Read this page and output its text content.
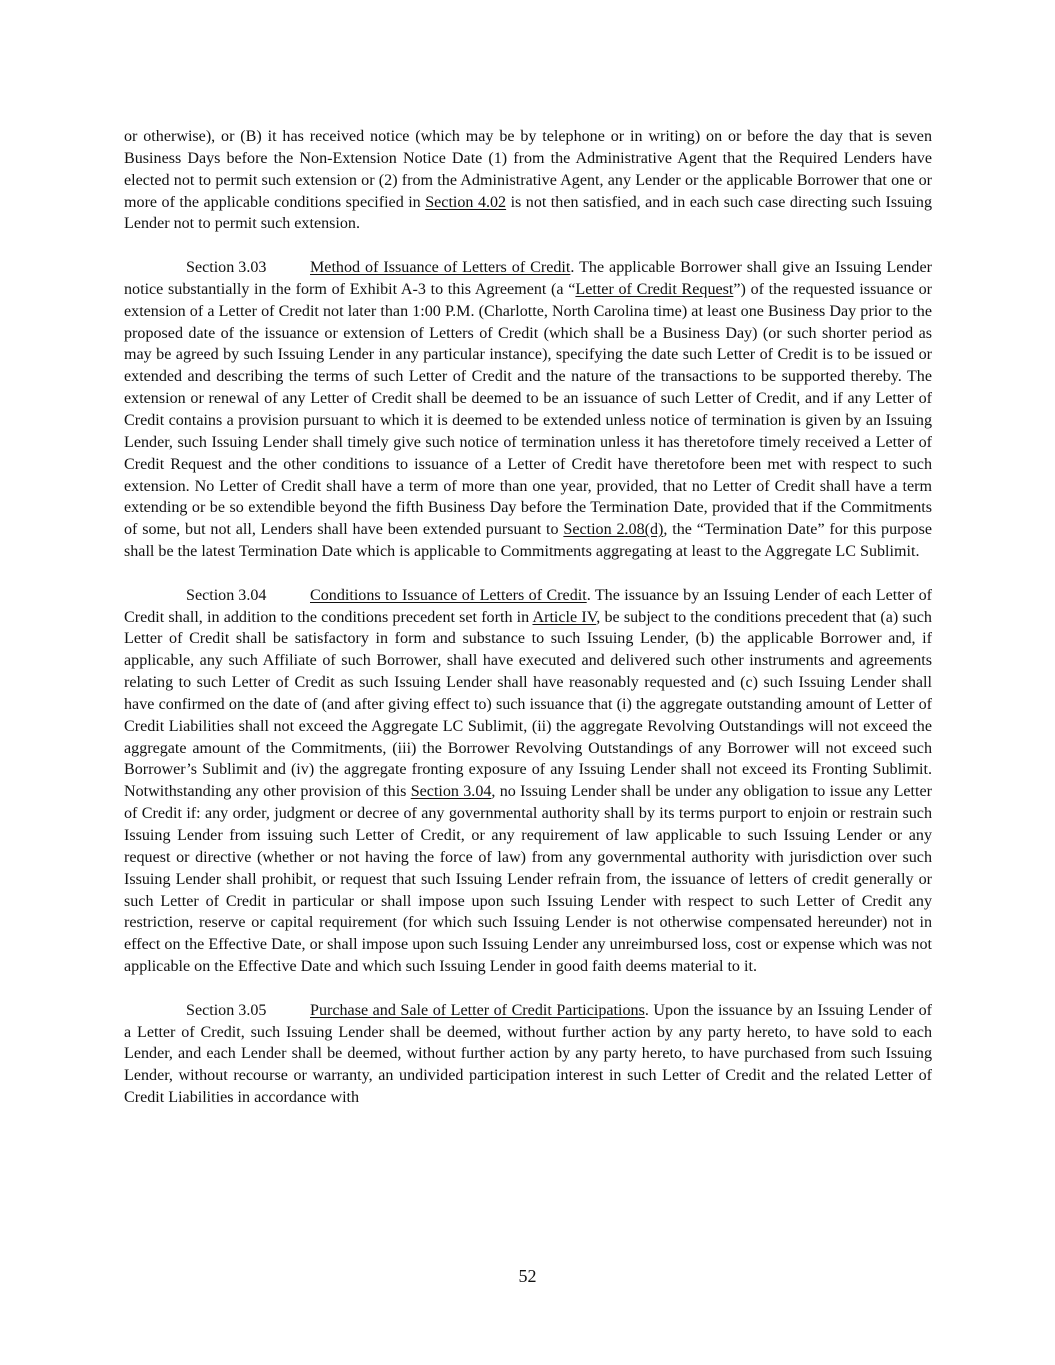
or otherwise), or (B) it has received notice (which may be by telephone or in writing) on or before the day that is seven Business Days before the Non-Extension Notice Date (1) from the Administrative Agent that the Required Lenders have elected not to permit such extension or (2) from the Administrative Agent, any Lender or the applicable Borrower that one or more of the applicable conditions specified in Section 4.02 is not then satisfied, and in each such case directing such Issuing Lender not to permit such extension.

Section 3.03	Method of Issuance of Letters of Credit. The applicable Borrower shall give an Issuing Lender notice substantially in the form of Exhibit A-3 to this Agreement (a “Letter of Credit Request”) of the requested issuance or extension of a Letter of Credit not later than 1:00 P.M. (Charlotte, North Carolina time) at least one Business Day prior to the proposed date of the issuance or extension of Letters of Credit (which shall be a Business Day) (or such shorter period as may be agreed by such Issuing Lender in any particular instance), specifying the date such Letter of Credit is to be issued or extended and describing the terms of such Letter of Credit and the nature of the transactions to be supported thereby. The extension or renewal of any Letter of Credit shall be deemed to be an issuance of such Letter of Credit, and if any Letter of Credit contains a provision pursuant to which it is deemed to be extended unless notice of termination is given by an Issuing Lender, such Issuing Lender shall timely give such notice of termination unless it has theretofore timely received a Letter of Credit Request and the other conditions to issuance of a Letter of Credit have theretofore been met with respect to such extension. No Letter of Credit shall have a term of more than one year, provided, that no Letter of Credit shall have a term extending or be so extendible beyond the fifth Business Day before the Termination Date, provided that if the Commitments of some, but not all, Lenders shall have been extended pursuant to Section 2.08(d), the “Termination Date” for this purpose shall be the latest Termination Date which is applicable to Commitments aggregating at least to the Aggregate LC Sublimit.

Section 3.04	Conditions to Issuance of Letters of Credit. The issuance by an Issuing Lender of each Letter of Credit shall, in addition to the conditions precedent set forth in Article IV, be subject to the conditions precedent that (a) such Letter of Credit shall be satisfactory in form and substance to such Issuing Lender, (b) the applicable Borrower and, if applicable, any such Affiliate of such Borrower, shall have executed and delivered such other instruments and agreements relating to such Letter of Credit as such Issuing Lender shall have reasonably requested and (c) such Issuing Lender shall have confirmed on the date of (and after giving effect to) such issuance that (i) the aggregate outstanding amount of Letter of Credit Liabilities shall not exceed the Aggregate LC Sublimit, (ii) the aggregate Revolving Outstandings will not exceed the aggregate amount of the Commitments, (iii) the Borrower Revolving Outstandings of any Borrower will not exceed such Borrower’s Sublimit and (iv) the aggregate fronting exposure of any Issuing Lender shall not exceed its Fronting Sublimit. Notwithstanding any other provision of this Section 3.04, no Issuing Lender shall be under any obligation to issue any Letter of Credit if: any order, judgment or decree of any governmental authority shall by its terms purport to enjoin or restrain such Issuing Lender from issuing such Letter of Credit, or any requirement of law applicable to such Issuing Lender or any request or directive (whether or not having the force of law) from any governmental authority with jurisdiction over such Issuing Lender shall prohibit, or request that such Issuing Lender refrain from, the issuance of letters of credit generally or such Letter of Credit in particular or shall impose upon such Issuing Lender with respect to such Letter of Credit any restriction, reserve or capital requirement (for which such Issuing Lender is not otherwise compensated hereunder) not in effect on the Effective Date, or shall impose upon such Issuing Lender any unreimbursed loss, cost or expense which was not applicable on the Effective Date and which such Issuing Lender in good faith deems material to it.

Section 3.05	Purchase and Sale of Letter of Credit Participations. Upon the issuance by an Issuing Lender of a Letter of Credit, such Issuing Lender shall be deemed, without further action by any party hereto, to have sold to each Lender, and each Lender shall be deemed, without further action by any party hereto, to have purchased from such Issuing Lender, without recourse or warranty, an undivided participation interest in such Letter of Credit and the related Letter of Credit Liabilities in accordance with

52
